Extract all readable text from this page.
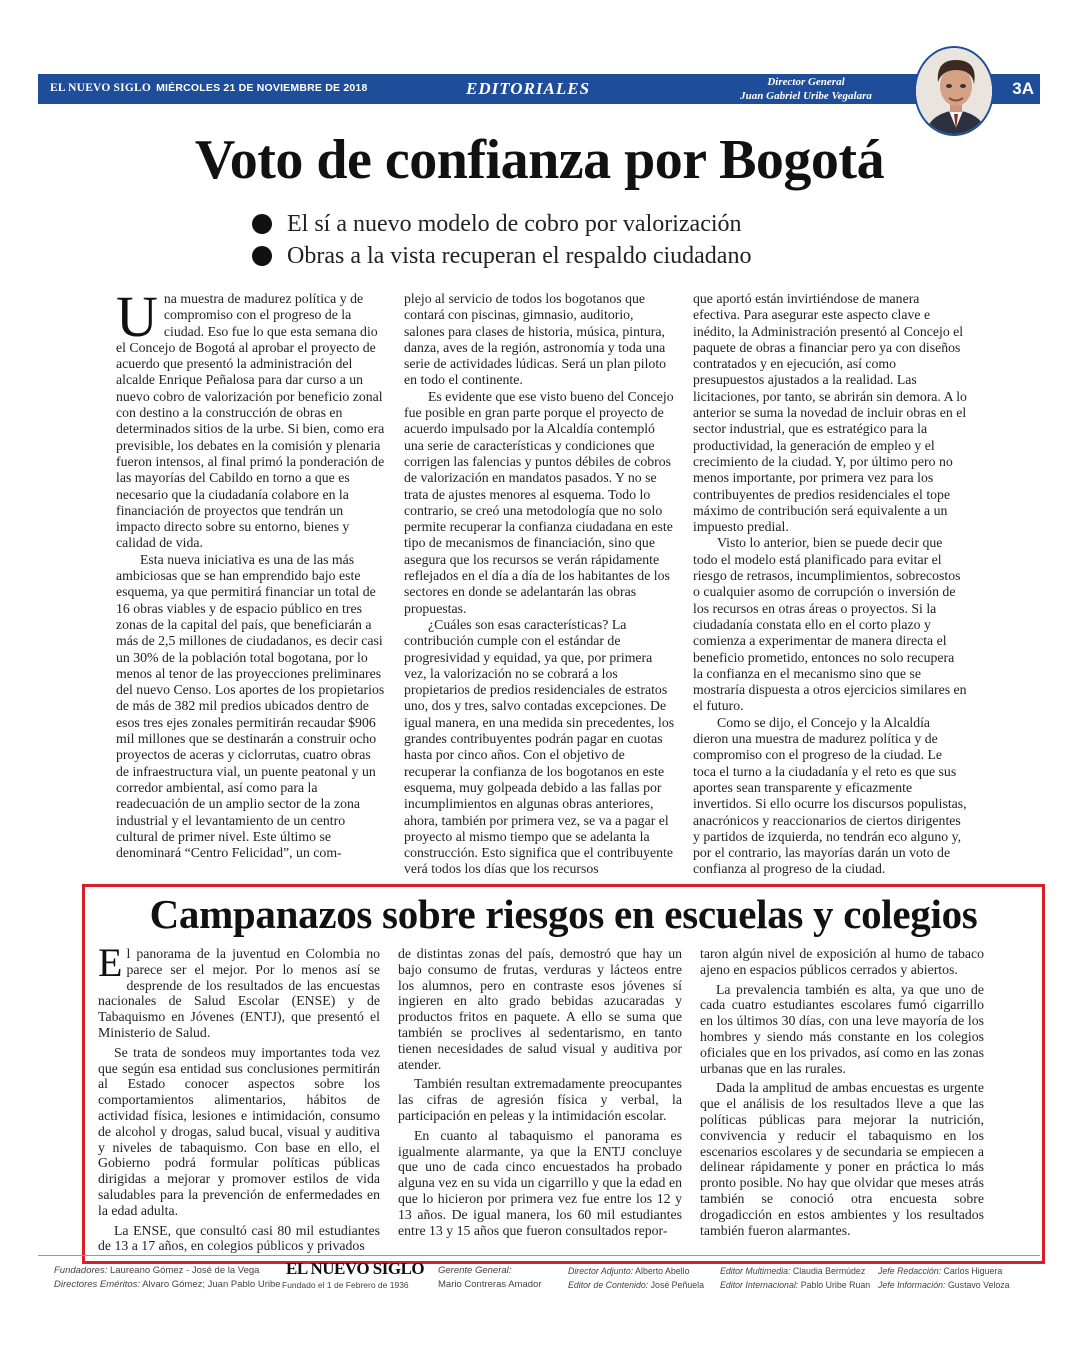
EL NUEVO SIGLO MIÉRCOLES 21 DE NOVIEMBRE DE 2018	EDITORIALES	Director General
Juan Gabriel Uribe Vegalara	3A
Voto de confianza por Bogotá
El sí a nuevo modelo de cobro por valorización
Obras a la vista recuperan el respaldo ciudadano

Una muestra de madurez política y de compromiso con el progreso de la ciudad. Eso fue lo que esta semana dio el Concejo de Bogotá al aprobar el proyecto de acuerdo que presentó la administración del alcalde Enrique Peñalosa para dar curso a un nuevo cobro de valorización por beneficio zonal con destino a la construcción de obras en determinados sitios de la urbe. Si bien, como era previsible, los debates en la comisión y plenaria fueron intensos, al final primó la ponderación de las mayorías del Cabildo en torno a que es necesario que la ciudadanía colabore en la financiación de proyectos que tendrán un impacto directo sobre su entorno, bienes y calidad de vida.

Esta nueva iniciativa es una de las más ambiciosas que se han emprendido bajo este esquema, ya que permitirá financiar un total de 16 obras viables y de espacio público en tres zonas de la capital del país, que beneficiarán a más de 2,5 millones de ciudadanos, es decir casi un 30% de la población total bogotana, por lo menos al tenor de las proyecciones preliminares del nuevo Censo. Los aportes de los propietarios de más de 382 mil predios ubicados dentro de esos tres ejes zonales permitirán recaudar $906 mil millones que se destinarán a construir ocho proyectos de aceras y ciclorrutas, cuatro obras de infraestructura vial, un puente peatonal y un corredor ambiental, así como para la readecuación de un amplio sector de la zona industrial y el levantamiento de un centro cultural de primer nivel. Este último se denominará “Centro Felicidad”, un com-

plejo al servicio de todos los bogotanos que contará con piscinas, gimnasio, auditorio, salones para clases de historia, música, pintura, danza, aves de la región, astronomía y toda una serie de actividades lúdicas. Será un plan piloto en todo el continente.

Es evidente que ese visto bueno del Concejo fue posible en gran parte porque el proyecto de acuerdo impulsado por la Alcaldía contempló una serie de características y condiciones que corrigen las falencias y puntos débiles de cobros de valorización en mandatos pasados. Y no se trata de ajustes menores al esquema. Todo lo contrario, se creó una metodología que no solo permite recuperar la confianza ciudadana en este tipo de mecanismos de financiación, sino que asegura que los recursos se verán rápidamente reflejados en el día a día de los habitantes de los sectores en donde se adelantarán las obras propuestas.

¿Cuáles son esas características? La contribución cumple con el estándar de progresividad y equidad, ya que, por primera vez, la valorización no se cobrará a los propietarios de predios residenciales de estratos uno, dos y tres, salvo contadas excepciones. De igual manera, en una medida sin precedentes, los grandes contribuyentes podrán pagar en cuotas hasta por cinco años. Con el objetivo de recuperar la confianza de los bogotanos en este esquema, muy golpeada debido a las fallas por incumplimientos en algunas obras anteriores, ahora, también por primera vez, se va a pagar el proyecto al mismo tiempo que se adelanta la construcción. Esto significa que el contribuyente verá todos los días que los recursos

que aportó están invirtiéndose de manera efectiva. Para asegurar este aspecto clave e inédito, la Administración presentó al Concejo el paquete de obras a financiar pero ya con diseños contratados y en ejecución, así como presupuestos ajustados a la realidad. Las licitaciones, por tanto, se abrirán sin demora. A lo anterior se suma la novedad de incluir obras en el sector industrial, que es estratégico para la productividad, la generación de empleo y el crecimiento de la ciudad. Y, por último pero no menos importante, por primera vez para los contribuyentes de predios residenciales el tope máximo de contribución será equivalente a un impuesto predial.

Visto lo anterior, bien se puede decir que todo el modelo está planificado para evitar el riesgo de retrasos, incumplimientos, sobrecostos o cualquier asomo de corrupción o inversión de los recursos en otras áreas o proyectos. Si la ciudadanía constata ello en el corto plazo y comienza a experimentar de manera directa el beneficio prometido, entonces no solo recupera la confianza en el mecanismo sino que se mostraría dispuesta a otros ejercicios similares en el futuro.

Como se dijo, el Concejo y la Alcaldía dieron una muestra de madurez política y de compromiso con el progreso de la ciudad. Le toca el turno a la ciudadanía y el reto es que sus aportes sean transparente y eficazmente invertidos. Si ello ocurre los discursos populistas, anacrónicos y reaccionarios de ciertos dirigentes y partidos de izquierda, no tendrán eco alguno y, por el contrario, las mayorías darán un voto de confianza al progreso de la ciudad.

Campanazos sobre riesgos en escuelas y colegios

El panorama de la juventud en Colombia no parece ser el mejor. Por lo menos así se desprende de los resultados de las encuestas nacionales de Salud Escolar (ENSE) y de Tabaquismo en Jóvenes (ENTJ), que presentó el Ministerio de Salud.

Se trata de sondeos muy importantes toda vez que según esa entidad sus conclusiones permitirán al Estado conocer aspectos sobre los comportamientos alimentarios, hábitos de actividad física, lesiones e intimidación, consumo de alcohol y drogas, salud bucal, visual y auditiva y niveles de tabaquismo. Con base en ello, el Gobierno podrá formular políticas públicas dirigidas a mejorar y promover estilos de vida saludables para la prevención de enfermedades en la edad adulta.

La ENSE, que consultó casi 80 mil estudiantes de 13 a 17 años, en colegios públicos y privados

de distintas zonas del país, demostró que hay un bajo consumo de frutas, verduras y lácteos entre los alumnos, pero en contraste esos jóvenes sí ingieren en alto grado bebidas azucaradas y productos fritos en paquete. A ello se suma que también se proclives al sedentarismo, en tanto tienen necesidades de salud visual y auditiva por atender.

También resultan extremadamente preocupantes las cifras de agresión física y verbal, la participación en peleas y la intimidación escolar.

En cuanto al tabaquismo el panorama es igualmente alarmante, ya que la ENTJ concluye que uno de cada cinco encuestados ha probado alguna vez en su vida un cigarrillo y que la edad en que lo hicieron por primera vez fue entre los 12 y 13 años. De igual manera, los 60 mil estudiantes entre 13 y 15 años que fueron consultados repor-

taron algún nivel de exposición al humo de tabaco ajeno en espacios públicos cerrados y abiertos.

La prevalencia también es alta, ya que uno de cada cuatro estudiantes escolares fumó cigarrillo en los últimos 30 días, con una leve mayoría de los hombres y siendo más constante en los colegios oficiales que en los privados, así como en las zonas urbanas que en las rurales.

Dada la amplitud de ambas encuestas es urgente que el análisis de los resultados lleve a que las políticas públicas para mejorar la nutrición, convivencia y reducir el tabaquismo en los escenarios escolares y de secundaria se empiecen a delinear rápidamente y poner en práctica lo más pronto posible. No hay que olvidar que meses atrás también se conoció otra encuesta sobre drogadicción en estos ambientes y los resultados también fueron alarmantes.

Fundadores: Laureano Gómez - José de la Vega
Directores Eméritos: Alvaro Gómez; Juan Pablo Uribe
EL NUEVO SIGLO
Fundado el 1 de Febrero de 1936
Gerente General:
Mario Contreras Amador
Director Adjunto: Alberto Abello
Editor de Contenido: José Peñuela
Editor Multimedia: Claudia Bermúdez
Editor Internacional: Pablo Uribe Ruan
Jefe Redacción: Carlos Higuera
Jefe Información: Gustavo Veloza
